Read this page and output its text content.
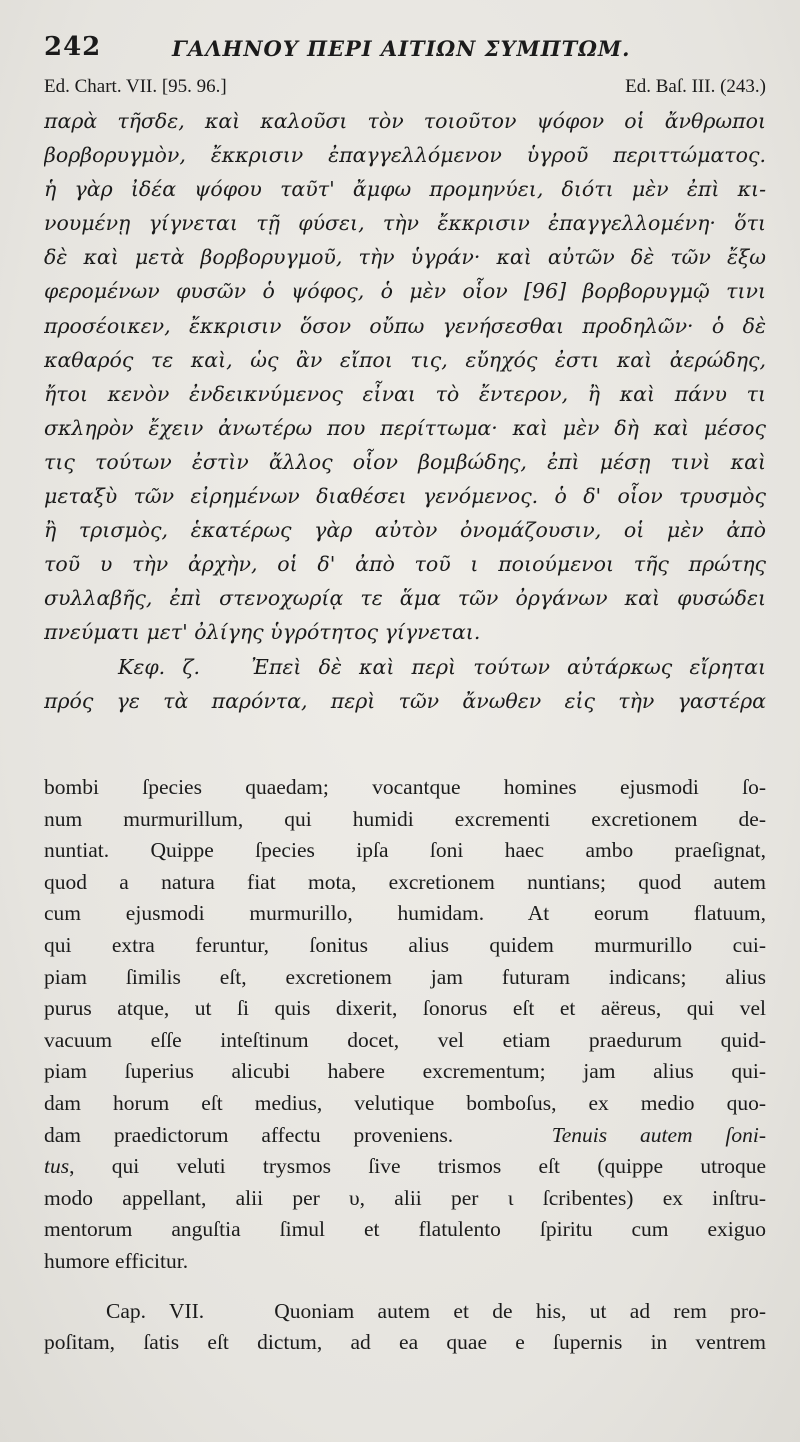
242	ΓΑΛΗΝΟΥ ΠΕΡΙ ΑΙΤΙΩΝ ΣΥΜΠΤΩΜ.
Ed. Chart. VII. [95. 96.]	Ed. Baſ. III. (243.)
παρὰ τῆσδε, καὶ καλοῦσι τὸν τοιοῦτον ψόφον οἱ ἄνθρωποι
βορβορυγμὸν, ἔκκρισιν ἐπαγγελλόμενον ὑγροῦ περιττώματος.
ἡ γὰρ ἰδέα ψόφου ταῦτ' ἄμφω προμηνύει, διότι μὲν ἐπὶ κι-
νουμένῃ γίγνεται τῇ φύσει, τὴν ἔκκρισιν ἐπαγγελλομένη· ὅτι
δὲ καὶ μετὰ βορβορυγμοῦ, τὴν ὑγράν· καὶ αὐτῶν δὲ τῶν ἔξω
φερομένων φυσῶν ὁ ψόφος, ὁ μὲν οἷον [96] βορβορυγμῷ τινι
προσέοικεν, ἔκκρισιν ὅσον οὔπω γενήσεσθαι προδηλῶν· ὁ δὲ
καθαρός τε καὶ, ὡς ἂν εἴποι τις, εὔηχός ἐστι καὶ ἀερώδης,
ἤτοι κενὸν ἐνδεικνύμενος εἶναι τὸ ἔντερον, ἢ καὶ πάνυ τι
σκληρὸν ἔχειν ἀνωτέρω που περίττωμα· καὶ μὲν δὴ καὶ μέσος
τις τούτων ἐστὶν ἄλλος οἷον βομβώδης, ἐπὶ μέσῃ τινὶ καὶ
μεταξὺ τῶν εἰρημένων διαθέσει γενόμενος. ὁ δ' οἷον τρυσμὸς
ἢ τρισμὸς, ἑκατέρως γὰρ αὐτὸν ὀνομάζουσιν, οἱ μὲν ἀπὸ
τοῦ υ τὴν ἀρχὴν, οἱ δ' ἀπὸ τοῦ ι ποιούμενοι τῆς πρώτης
συλλαβῆς, ἐπὶ στενοχωρίᾳ τε ἅμα τῶν ὀργάνων καὶ φυσώδει
πνεύματι μετ' ὀλίγης ὑγρότητος γίγνεται.
Κεφ. ζ.	Ἐπεὶ δὲ καὶ περὶ τούτων αὐτάρκως εἴρηται
πρός γε τὰ παρόντα, περὶ τῶν ἄνωθεν εἰς τὴν γαστέρα
bombi ſpecies quaedam; vocantque homines ejusmodi ſo-
num murmurillum, qui humidi excrementi excretionem de-
nuntiat. Quippe ſpecies ipſa ſoni haec ambo praeſignat,
quod a natura fiat mota, excretionem nuntians; quod autem
cum ejusmodi murmurillo, humidam. At eorum flatuum,
qui extra feruntur, ſonitus alius quidem murmurillo cui-
piam ſimilis eſt, excretionem jam futuram indicans; alius
purus atque, ut ſi quis dixerit, ſonorus eſt et aëreus, qui vel
vacuum eſſe inteſtinum docet, vel etiam praedurum quid-
piam ſuperius alicubi habere excrementum; jam alius qui-
dam horum eſt medius, velutique bomboſus, ex medio quo-
dam praedictorum affectu proveniens.	Tenuis autem ſoni-
tus, qui veluti trysmos ſive trismos eſt (quippe utroque
modo appellant, alii per υ, alii per ι ſcribentes) ex inſtru-
mentorum anguſtia ſimul et flatulento ſpiritu cum exiguo
humore efficitur.
Cap. VII.	Quoniam autem et de his, ut ad rem pro-
poſitam, ſatis eſt dictum, ad ea quae e ſupernis in ventrem
